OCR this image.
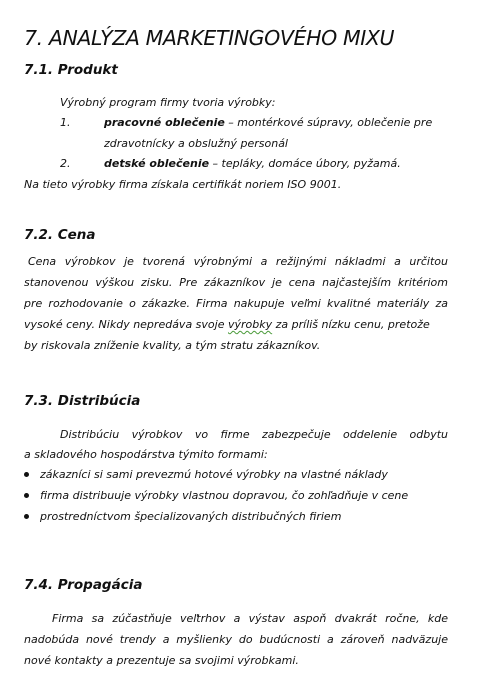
7. ANALÝZA MARKETINGOVÉHO MIXU
7.1. Produkt
Výrobný program firmy tvoria výrobky:
1.	pracovné oblečenie – montérkové súpravy, oblečenie pre
zdravotnícky a obslužný personál
2.	detské oblečenie – tepláky, domáce úbory, pyžamá.
Na tieto výrobky firma získala certifikát noriem ISO 9001.
7.2. Cena
Cena výrobkov je tvorená výrobnými a režijnými nákladmi a určitou
stanovenou výškou zisku. Pre zákazníkov je cena najčastejším kritériom
pre rozhodovanie o zákazke. Firma nakupuje veľmi kvalitné materiály za
vysoké ceny. Nikdy nepredáva svoje výrobky za príliš nízku cenu, pretože
by riskovala zníženie kvality, a tým stratu zákazníkov.
7.3. Distribúcia
Distribúciu výrobkov vo firme zabezpečuje oddelenie odbytu
a skladového hospodárstva týmito formami:
zákazníci si sami prevezmú hotové výrobky na vlastné náklady
firma distribuuje výrobky vlastnou dopravou, čo zohľadňuje v cene
prostredníctvom špecializovaných distribučných firiem
7.4. Propagácia
Firma sa zúčastňuje veľtrhov a výstav aspoň dvakrát ročne, kde
nadobúda nové trendy a myšlienky do budúcnosti a zároveň nadväzuje
nové kontakty a prezentuje sa svojimi výrobkami.
